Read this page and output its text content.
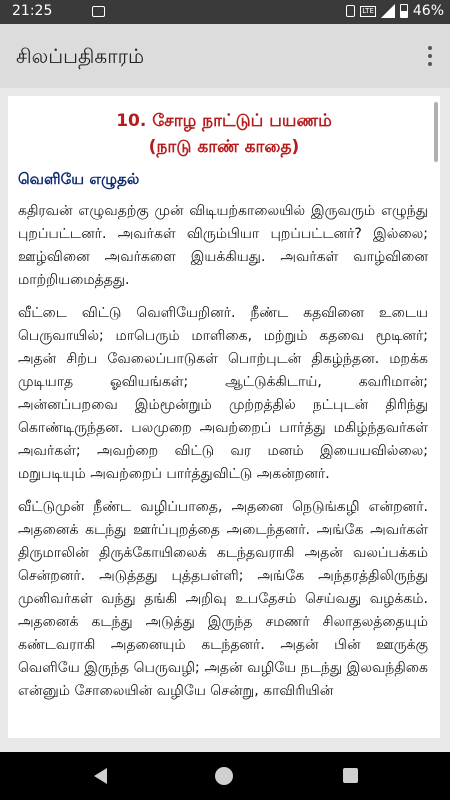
21:25	LTE	46%
சிலப்பதிகாரம்
10. சோழ நாட்டுப் பயணம்
(நாடு காண் காதை)
வெளியே எழுதல்

கதிரவன் எழுவதற்கு முன் விடியற்காலையில் இருவரும் எழுந்து புறப்பட்டனர். அவர்கள் விரும்பியா புறப்பட்டனர்? இல்லை; ஊழ்வினை அவர்களை இயக்கியது. அவர்கள் வாழ்வினை மாற்றியமைத்தது.

வீட்டை விட்டு வெளியேறினர். நீண்ட கதவினை உடைய பெருவாயில்; மாபெரும் மாளிகை, மற்றும் கதவை மூடினர்; அதன் சிற்ப வேலைப்பாடுகள் பொற்புடன் திகழ்ந்தன. மறக்க முடியாத ஓவியங்கள்; ஆட்டுக்கிடாய், கவரிமான்; அன்னப்பறவை இம்மூன்றும் முற்றத்தில் நட்புடன் திரிந்து கொண்டிருந்தன. பலமுறை அவற்றைப் பார்த்து மகிழ்ந்தவர்கள் அவர்கள்; அவற்றை விட்டு வர மனம் இயையவில்லை; மறுபடியும் அவற்றைப் பார்த்துவிட்டு அகன்றனர்.

வீட்டுமுன் நீண்ட வழிப்பாதை, அதனை நெடுங்கழி என்றனர். அதனைக் கடந்து ஊர்ப்புறத்தை அடைந்தனர். அங்கே அவர்கள் திருமாலின் திருக்கோயிலைக் கடந்தவராகி அதன் வலப்பக்கம் சென்றனர். அடுத்தது புத்தபள்ளி; அங்கே அந்தரத்திலிருந்து முனிவர்கள் வந்து தங்கி அறிவு உபதேசம் செய்வது வழக்கம். அதனைக் கடந்து அடுத்து இருந்த சமணர் சிலாதலத்தையும் கண்டவராகி அதனையும் கடந்தனர். அதன் பின் ஊருக்கு வெளியே இருந்த பெருவழி; அதன் வழியே நடந்து இலவந்திகை என்னும் சோலையின் வழியே சென்று, காவிரியின்
